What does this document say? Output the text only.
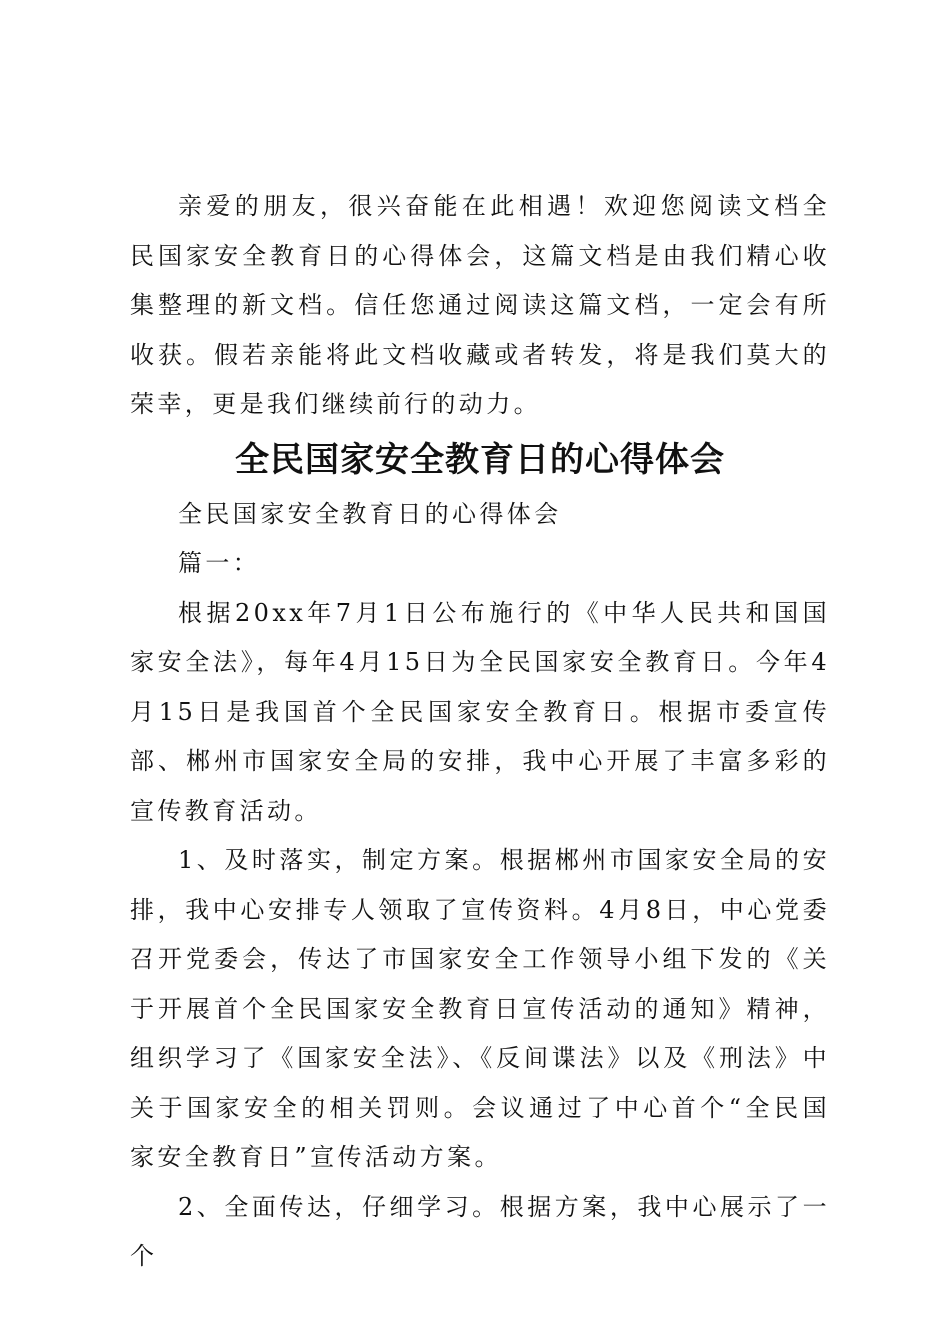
亲爱的朋友，很兴奋能在此相遇！欢迎您阅读文档全民国家安全教育日的心得体会，这篇文档是由我们精心收集整理的新文档。信任您通过阅读这篇文档，一定会有所收获。假若亲能将此文档收藏或者转发，将是我们莫大的荣幸，更是我们继续前行的动力。

全民国家安全教育日的心得体会

全民国家安全教育日的心得体会

篇一：

根据20xx年7月1日公布施行的《中华人民共和国国家安全法》，每年4月15日为全民国家安全教育日。今年4月15日是我国首个全民国家安全教育日。根据市委宣传部、郴州市国家安全局的安排，我中心开展了丰富多彩的宣传教育活动。

1、及时落实，制定方案。根据郴州市国家安全局的安排，我中心安排专人领取了宣传资料。4月8日，中心党委召开党委会，传达了市国家安全工作领导小组下发的《关于开展首个全民国家安全教育日宣传活动的通知》精神，组织学习了《国家安全法》、《反间谍法》以及《刑法》中关于国家安全的相关罚则。会议通过了中心首个“全民国家安全教育日”宣传活动方案。

2、全面传达，仔细学习。根据方案，我中心展示了一个
